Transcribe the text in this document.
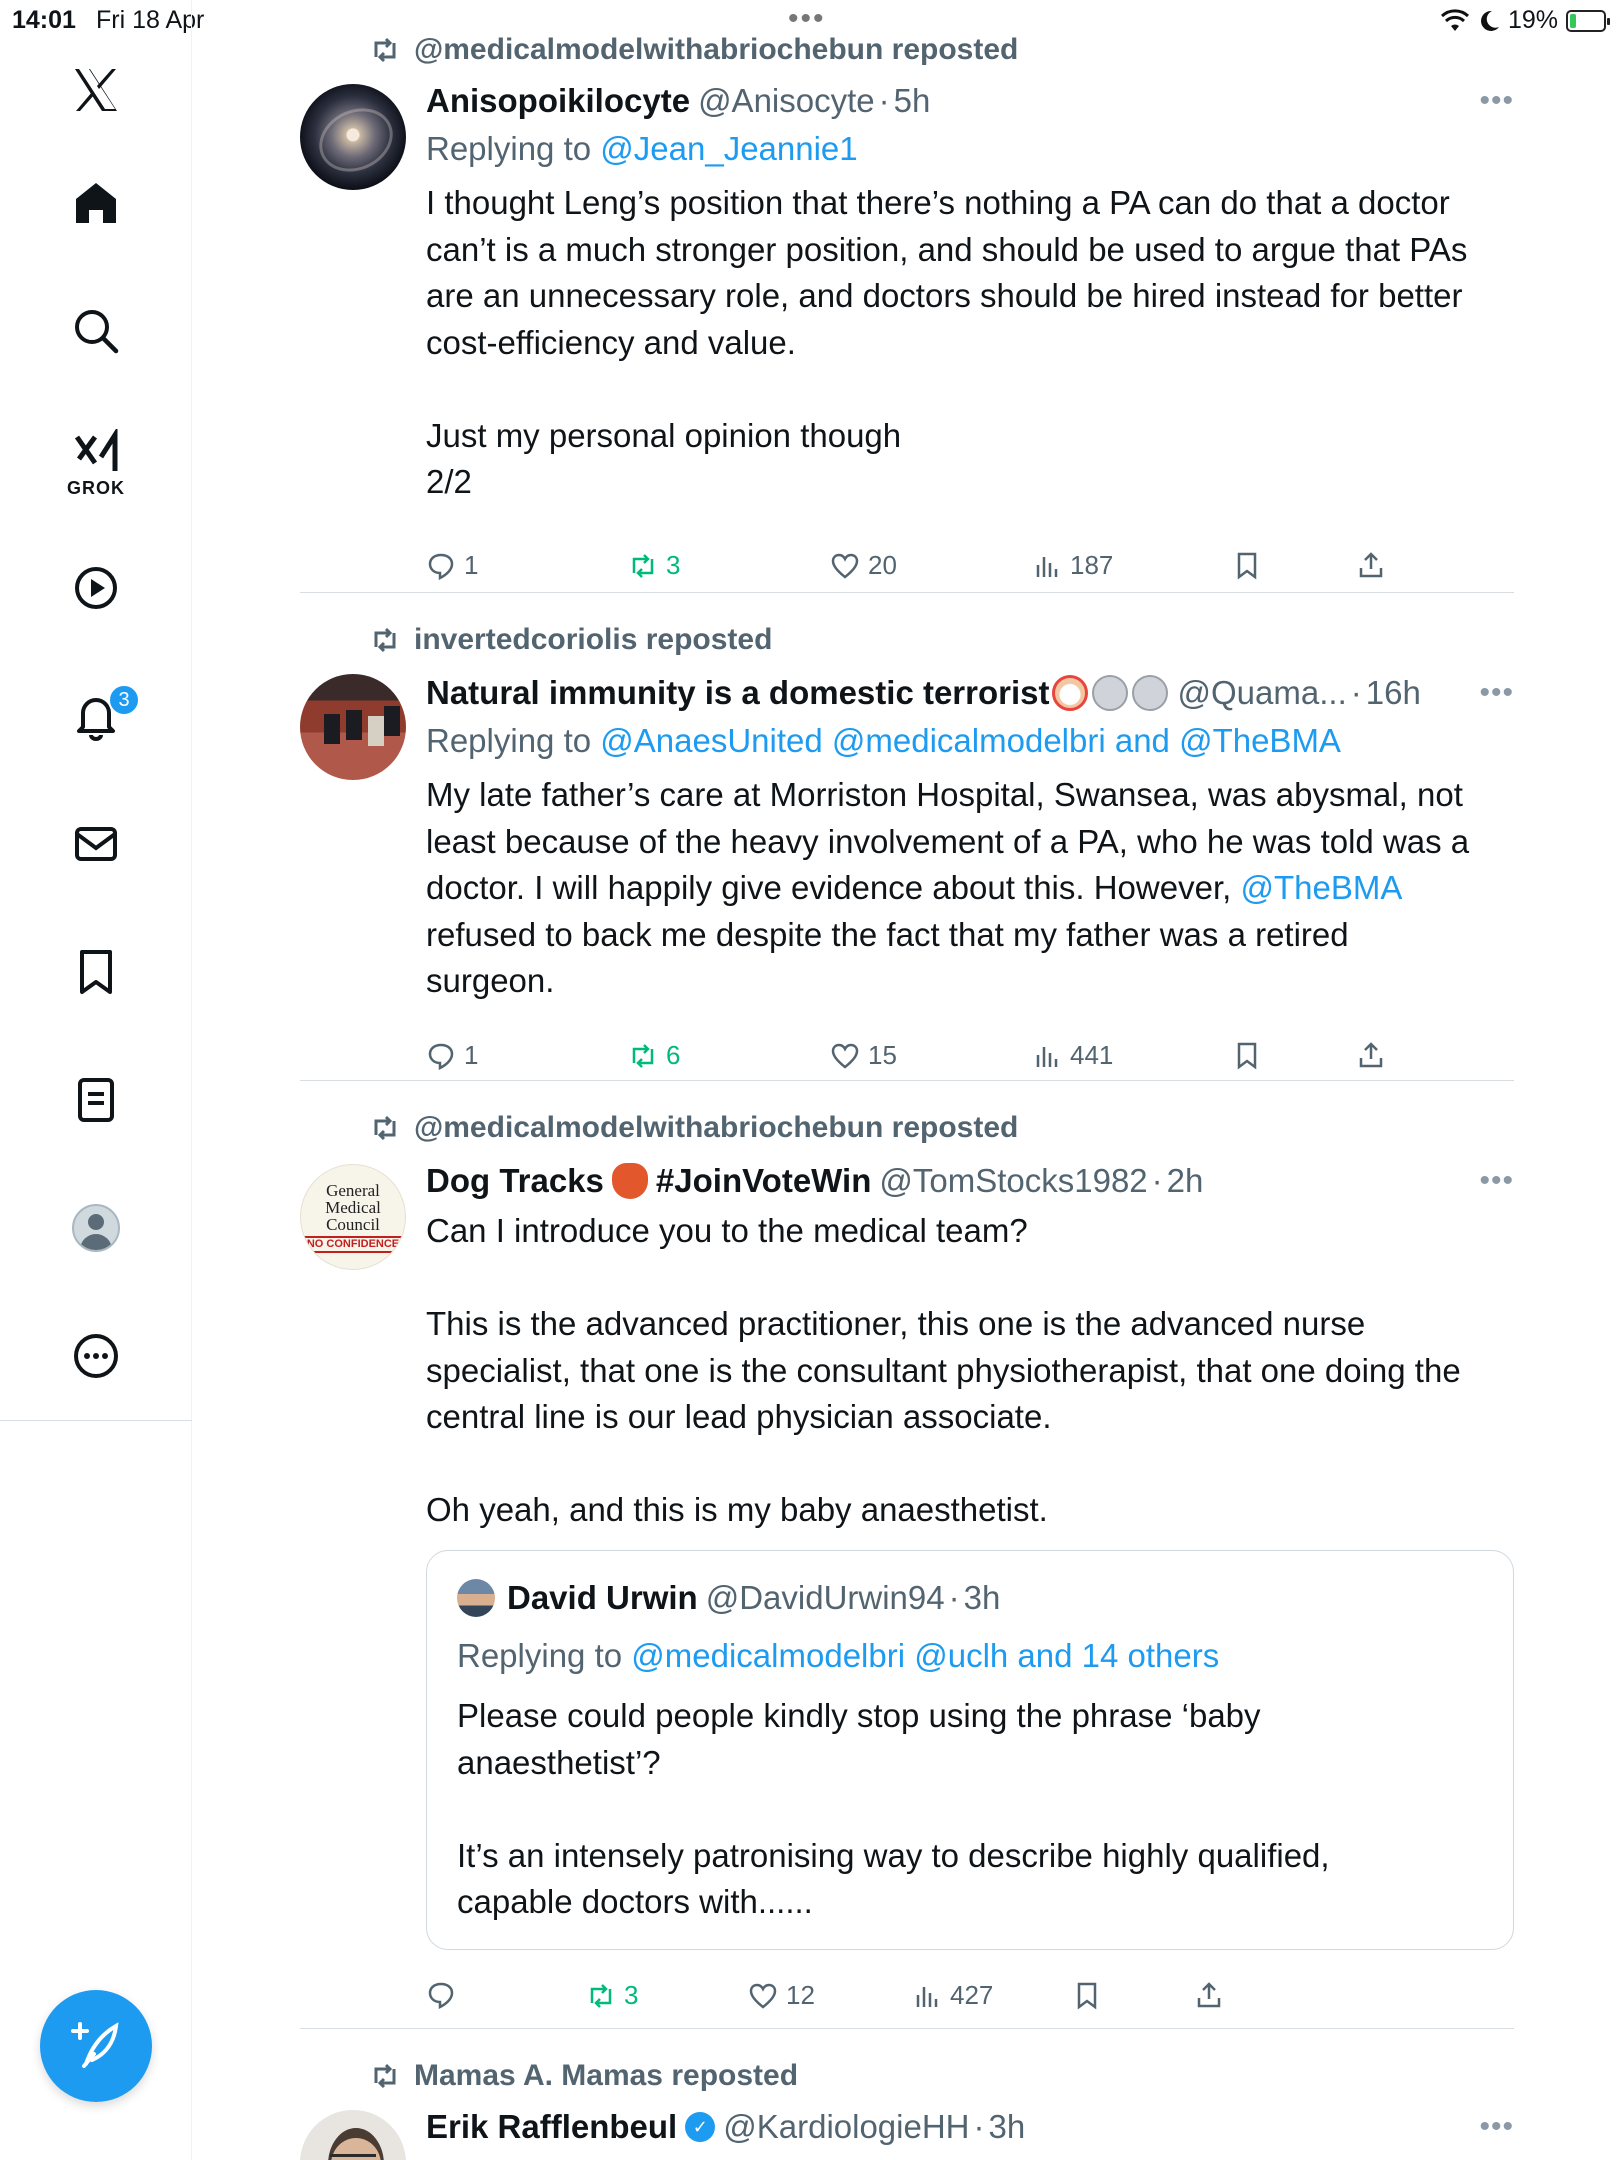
14:01 Fri 18 Apr	•••	19%
GROK
3
@medicalmodelwithabriochebun reposted
Anisopoikilocyte @Anisocyte · 5h	•••
Replying to @Jean_Jeannie1

I thought Leng’s position that there’s nothing a PA can do that a doctor

can’t is a much stronger position, and should be used to argue that PAs

are an unnecessary role, and doctors should be hired instead for better

cost-efficiency and value.

Just my personal opinion though

2/2

1	3	20	187
invertedcoriolis reposted
Natural immunity is a domestic terrorist	@Quama... · 16h •••
Replying to @AnaesUnited @medicalmodelbri and @TheBMA

My late father’s care at Morriston Hospital, Swansea, was abysmal, not

least because of the heavy involvement of a PA, who he was told was a

doctor. I will happily give evidence about this. However, @TheBMA

refused to back me despite the fact that my father was a retired

surgeon.

1	6	15	441
@medicalmodelwithabriochebun reposted
General
Medical
Council
NO CONFIDENCE
Dog Tracks #JoinVoteWin @TomStocks1982 · 2h	•••

Can I introduce you to the medical team?

This is the advanced practitioner, this one is the advanced nurse

specialist, that one is the consultant physiotherapist, that one doing the

central line is our lead physician associate.

Oh yeah, and this is my baby anaesthetist.

David Urwin @DavidUrwin94 · 3h
Replying to @medicalmodelbri @uclh and 14 others

Please could people kindly stop using the phrase ‘baby

anaesthetist’?

It’s an intensely patronising way to describe highly qualified,

capable doctors with......

3	12	427
Mamas A. Mamas reposted
Erik Rafflenbeul ✓ @KardiologieHH · 3h	•••
